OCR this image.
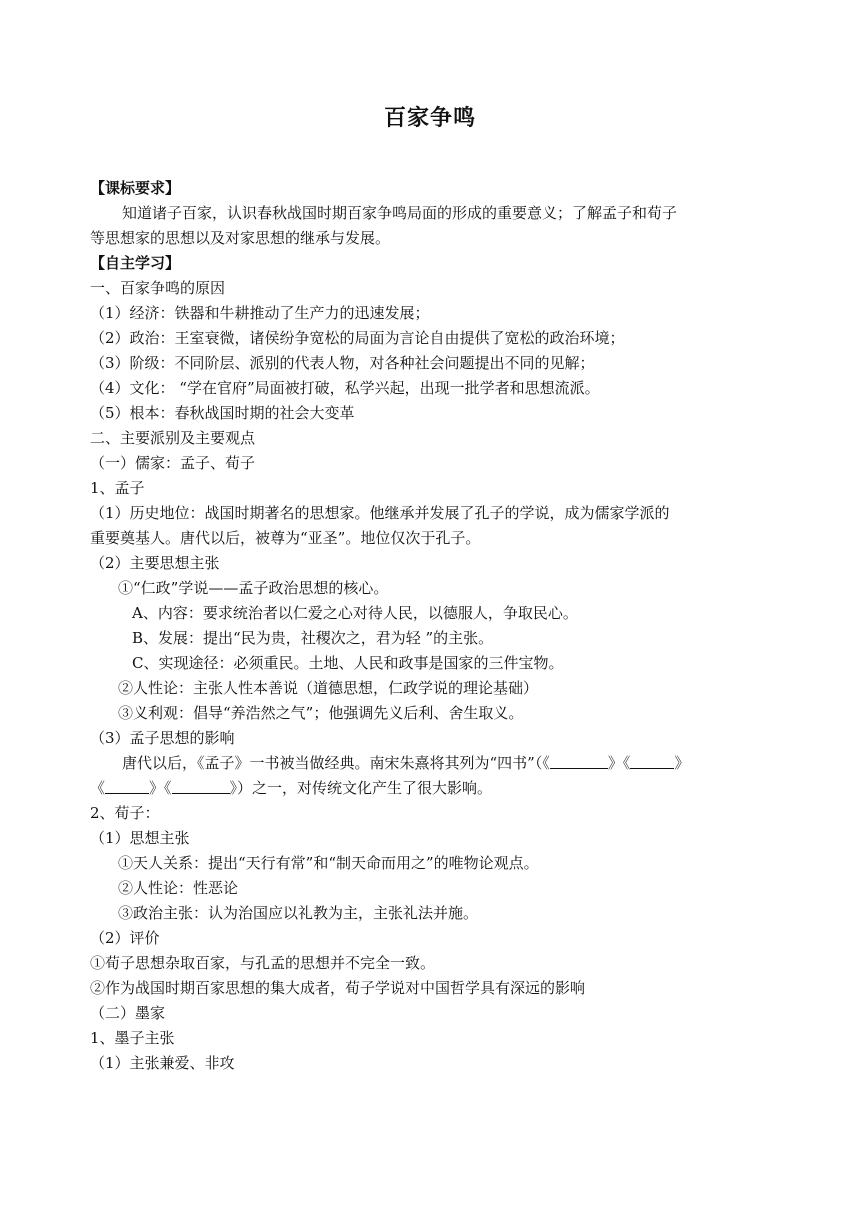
百家争鸣
【课标要求】
知道诸子百家，认识春秋战国时期百家争鸣局面的形成的重要意义；了解孟子和荀子
等思想家的思想以及对家思想的继承与发展。
【自主学习】
一、百家争鸣的原因
（1）经济：铁器和牛耕推动了生产力的迅速发展；
（2）政治：王室衰微，诸侯纷争宽松的局面为言论自由提供了宽松的政治环境；
（3）阶级：不同阶层、派别的代表人物，对各种社会问题提出不同的见解；
（4）文化： “学在官府”局面被打破，私学兴起，出现一批学者和思想流派。
（5）根本：春秋战国时期的社会大变革
二、主要派别及主要观点
（一）儒家：孟子、荀子
1、孟子
（1）历史地位：战国时期著名的思想家。他继承并发展了孔子的学说，成为儒家学派的
重要奠基人。唐代以后，被尊为“亚圣”。地位仅次于孔子。
（2）主要思想主张
①“仁政”学说——孟子政治思想的核心。
A、内容：要求统治者以仁爱之心对待人民，以德服人，争取民心。
B、发展：提出“民为贵，社稷次之，君为轻 ”的主张。
C、实现途径：必须重民。土地、人民和政事是国家的三件宝物。
②人性论：主张人性本善说（道德思想，仁政学说的理论基础）
③义利观：倡导“养浩然之气”；他强调先义后利、舍生取义。
（3）孟子思想的影响
唐代以后，《孟子》一书被当做经典。南宋朱熹将其列为“四书”（《	》《	》
《	》《	》）之一，对传统文化产生了很大影响。
2、荀子：
（1）思想主张
①天人关系：提出“天行有常”和“制天命而用之”的唯物论观点。
②人性论：性恶论
③政治主张：认为治国应以礼教为主，主张礼法并施。
（2）评价
①荀子思想杂取百家，与孔孟的思想并不完全一致。
②作为战国时期百家思想的集大成者，荀子学说对中国哲学具有深远的影响
（二）墨家
1、墨子主张
（1）主张兼爱、非攻
